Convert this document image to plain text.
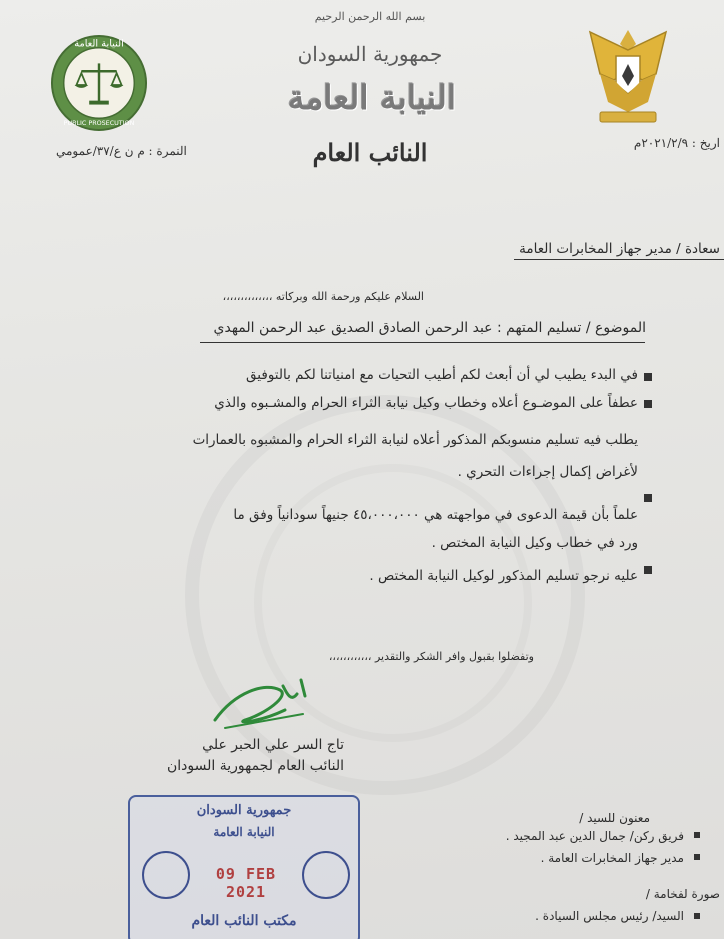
النيابة العامة
PUBLIC PROSECUTION
بسم الله الرحمن الرحيم
جمهورية السودان
النيابة العامة
النائب العام
النمرة : م ن ع/٣٧/عمومي
اريخ : ٢٠٢١/٢/٩م
سعادة / مدير جهاز المخابرات العامة
السلام عليكم ورحمة الله وبركاته ،،،،،،،،،،،،،،
الموضوع / تسليم المتهم : عبد الرحمن الصادق الصديق عبد الرحمن المهدي
في البدء يطيب لي أن أبعث لكم أطيب التحيات مع امنياتنا لكم بالتوفيق
عطفاً على الموضـوع أعلاه وخطاب وكيل نيابة الثراء الحرام والمشـبوه والذي
يطلب فيه تسليم منسوبكم المذكور أعلاه لنيابة الثراء الحرام والمشبوه بالعمارات
لأغراض إكمال إجراءات التحري .
علماً بأن قيمة الدعوى في مواجهته هي ٤٥،٠٠٠،٠٠٠ جنيهاً سودانياً وفق ما
ورد في خطاب وكيل النيابة المختص .
عليه نرجو تسليم المذكور لوكيل النيابة المختص .
وتفضلوا بقبول وافر الشكر والتقدير ،،،،،،،،،،،،
تاج السر علي الحبر علي
النائب العام لجمهورية السودان
معنون للسيد /
فريق ركن/ جمال الدين عبد المجيد .
مدير جهاز المخابرات العامة .
صورة لفخامة /
السيد/ رئيس مجلس السيادة .
جمهورية السودان
النيابة العامة
09 FEB 2021
مكتب النائب العام
